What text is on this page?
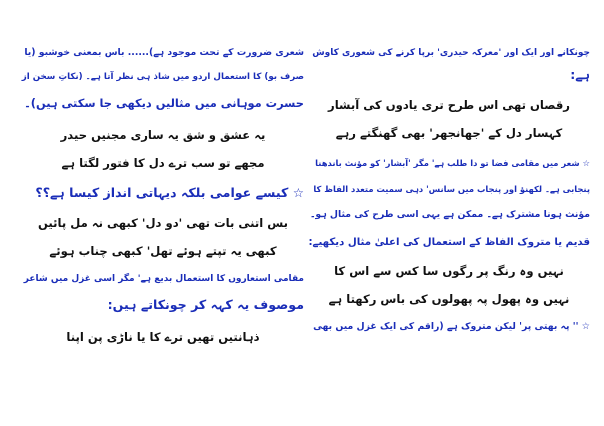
چونکانے اور ایک اور 'معرکہ حیدری' برپا کرنے کی شعوری کاوش
ہے:
رقصاں تھی اس طرح تری یادوں کی آبشار
کہسار دل کے 'جھانجھر' بھی گھنگتے رہے
☆ شعر میں مقامی فضا تو دا طلب ہے' مگر 'آبشار' کو مؤنث باندھنا
پنجابی ہے۔ لکھنؤ اور پنجاب میں سانس' دہی سمیت متعدد الفاظ کا
مؤنث ہونا مشترک ہے۔ ممکن ہے یہی اسی طرح کی مثال ہو۔
قدیم یا متروک الفاظ کے استعمال کی اعلیٰ مثال دیکھیے:
نہیں وہ رنگ پر رگوں سا کس سے اس کا
نہیں وہ پھول پہ پھولوں کی باس رکھتا ہے
☆ '' پہ بھتی پر' لیکن متروک ہے (راقم کی ایک غزل میں بھی
شعری ضرورت کے تحت موجود ہے)...... باس بمعنی خوشبو (یا
صرف بو) کا استعمال اردو میں شاذ ہی نظر آتا ہے۔ (نکاتِ سخن از
حسرت موہانی میں مثالیں دیکھی جا سکتی ہیں)۔
یہ عشق و شق یہ ساری مجنیں حیدر
مجھے تو سب ترے دل کا فتور لگتا ہے
☆ کیسے عوامی بلکہ دیہاتی انداز کیسا ہے؟؟
بس اتنی بات تھی 'دو دل' کبھی نہ مل پائیں
کبھی یہ تپتے ہوئے تھل' کبھی چناب ہوئے
مقامی استعاروں کا استعمال بدیع ہے' مگر اسی غزل میں شاعر
موصوف یہ کہہ کر چونکاتے ہیں:
ذہانتیں تھیں ترے کا یا ناڑی پن اپنا
